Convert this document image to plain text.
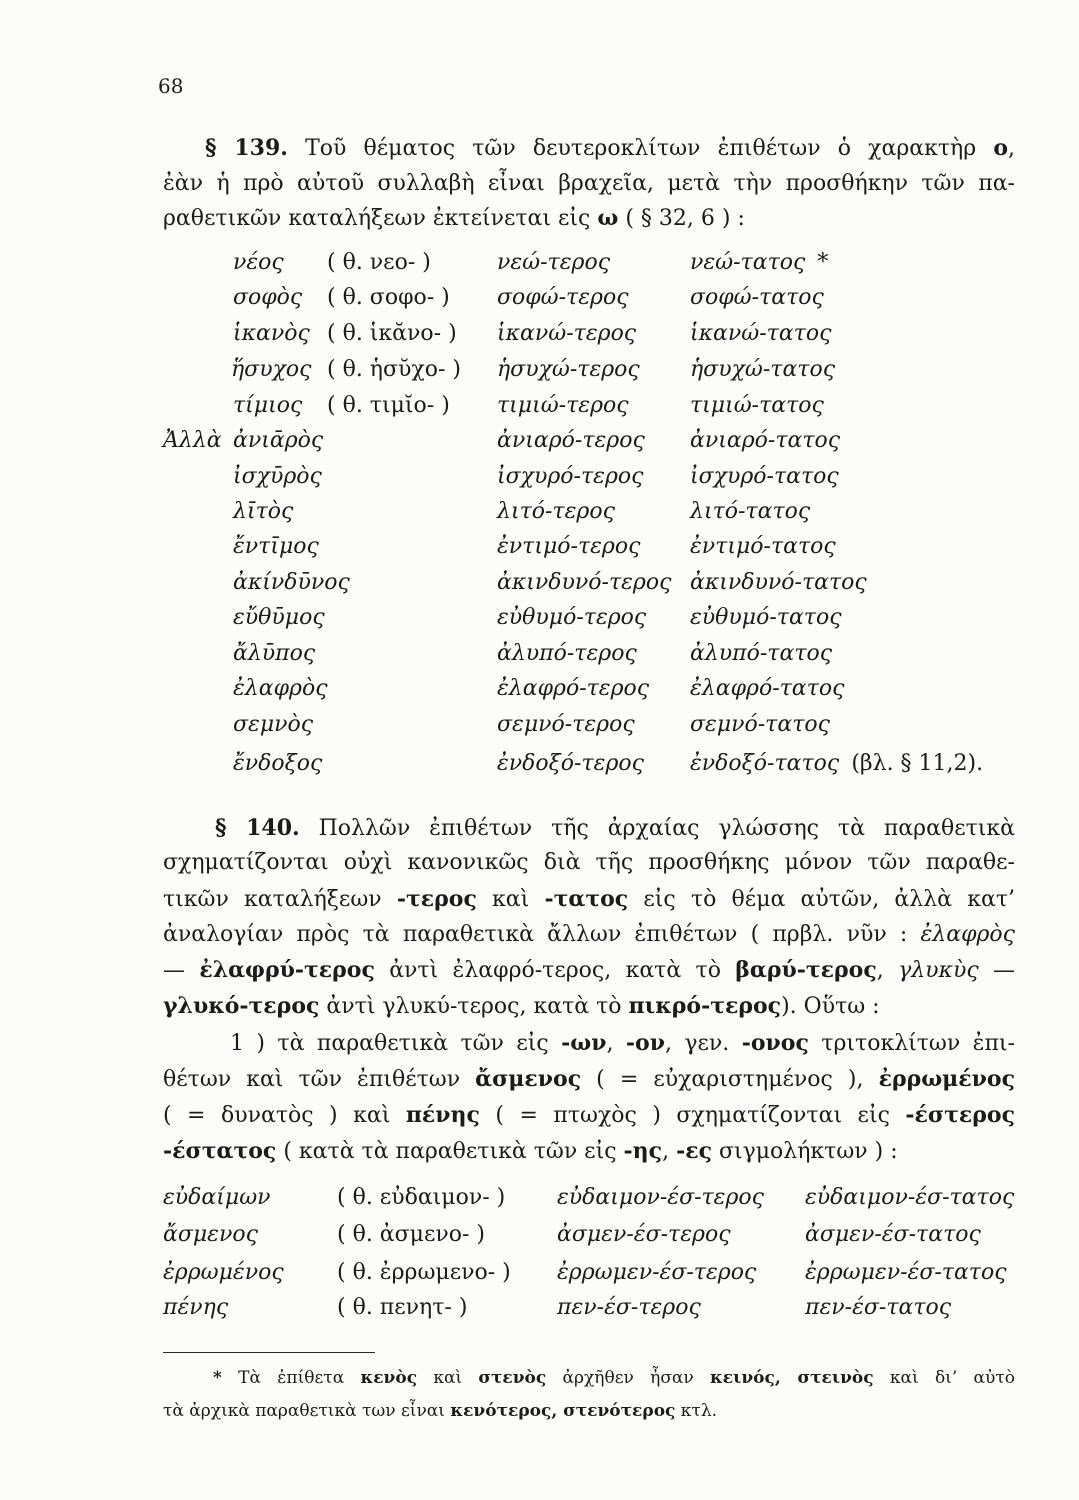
68
§ 139. Τοῦ θέματος τῶν δευτεροκλίτων ἐπιθέτων ὁ χαρακτὴρ ο,
ἐὰν ἡ πρὸ αὐτοῦ συλλαβὴ εἶναι βραχεῖα, μετὰ τὴν προσθήκην τῶν πα-
ραθετικῶν καταλήξεων ἐκτείνεται εἰς ω ( § 32, 6 ) :
νέος ( θ. νεο- )	νεώ-τερος	νεώ-τατος *
σοφὸς ( θ. σοφο- ) σοφώ-τερος	σοφώ-τατος
ἱκανὸς ( θ. ἱκᾰνο- ) ἱκανώ-τερος ἱκανώ-τατος
ἥσυχος ( θ. ἡσῠχο- ) ἡσυχώ-τερος ἡσυχώ-τατος
τίμιος ( θ. τιμῐο- ) τιμιώ-τερος	τιμιώ-τατος
Ἀλλὰ ἀνιᾱρὸς	ἀνιαρό-τερος ἀνιαρό-τατος
ἰσχῡρὸς	ἰσχυρό-τερος ἰσχυρό-τατος
λῑτὸς	λιτό-τερος	λιτό-τατος
ἔντῑμος	ἐντιμό-τερος ἐντιμό-τατος
ἀκίνδῡνος	ἀκινδυνό-τερος ἀκινδυνό-τατος
εὔθῡμος	εὐθυμό-τερος εὐθυμό-τατος
ἄλῡπος	ἀλυπό-τερος ἀλυπό-τατος
ἐλαφρὸς	ἐλαφρό-τερος ἐλαφρό-τατος
σεμνὸς	σεμνό-τερος	σεμνό-τατος
ἔνδοξος	ἐνδοξό-τερος ἐνδοξό-τατος (βλ. § 11,2).
§ 140. Πολλῶν ἐπιθέτων τῆς ἀρχαίας γλώσσης τὰ παραθετικὰ
σχηματίζονται οὐχὶ κανονικῶς διὰ τῆς προσθήκης μόνον τῶν παραθε-
τικῶν καταλήξεων -τερος καὶ -τατος εἰς τὸ θέμα αὐτῶν, ἀλλὰ κατ’
ἀναλογίαν πρὸς τὰ παραθετικὰ ἄλλων ἐπιθέτων ( πρβλ. νῦν : ἐλαφρὸς
— ἐλαφρύ-τερος ἀντὶ ἐλαφρό-τερος, κατὰ τὸ βαρύ-τερος, γλυκὺς —
γλυκό-τερος ἀντὶ γλυκύ-τερος, κατὰ τὸ πικρό-τερος). Οὕτω :
1 ) τὰ παραθετικὰ τῶν εἰς -ων, -ον, γεν. -ονος τριτοκλίτων ἐπι-
θέτων καὶ τῶν ἐπιθέτων ἄσμενος ( = εὐχαριστημένος ), ἐρρωμένος
( = δυνατὸς ) καὶ πένης ( = πτωχὸς ) σχηματίζονται εἰς -έστερος
-έστατος ( κατὰ τὰ παραθετικὰ τῶν εἰς -ης, -ες σιγμολήκτων ) :
εὐδαίμων	( θ. εὐδαιμον- ) εὐδαιμον-έσ-τερος εὐδαιμον-έσ-τατος
ἄσμενος	( θ. ἀσμενο- )	ἀσμεν-έσ-τερος	ἀσμεν-έσ-τατος
ἐρρωμένος ( θ. ἐρρωμενο- ) ἐρρωμεν-έσ-τερος ἐρρωμεν-έσ-τατος
πένης	( θ. πενητ- )	πεν-έσ-τερος	πεν-έσ-τατος
* Τὰ ἐπίθετα κενὸς καὶ στενὸς ἀρχῆθεν ἦσαν κεινός, στεινὸς καὶ δι’ αὐτὸ
τὰ ἀρχικὰ παραθετικὰ των εἶναι κενότερος, στενότερος κτλ.
